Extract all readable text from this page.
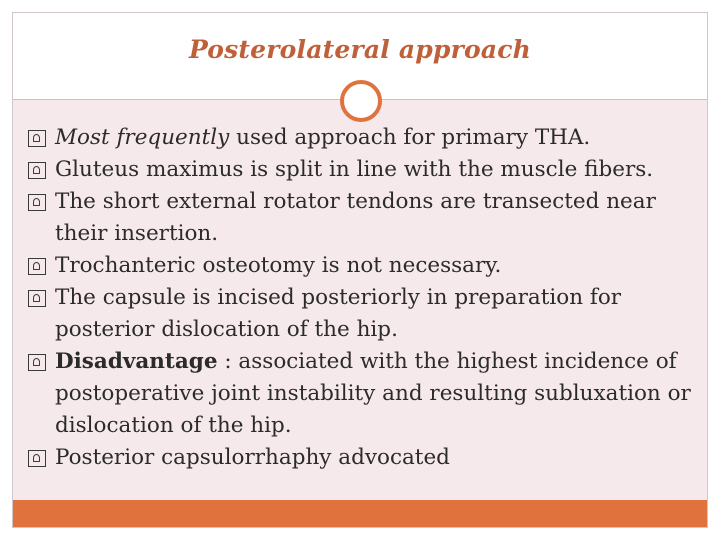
Posterolateral approach
Most frequently used approach for primary THA.
Gluteus maximus is split in line with the muscle fibers.
The short external rotator tendons are transected near their insertion.
Trochanteric osteotomy is not necessary.
The capsule is incised posteriorly in preparation for posterior dislocation of the hip.
Disadvantage : associated with the highest incidence of postoperative joint instability and resulting subluxation or dislocation of the hip.
Posterior capsulorrhaphy advocated
